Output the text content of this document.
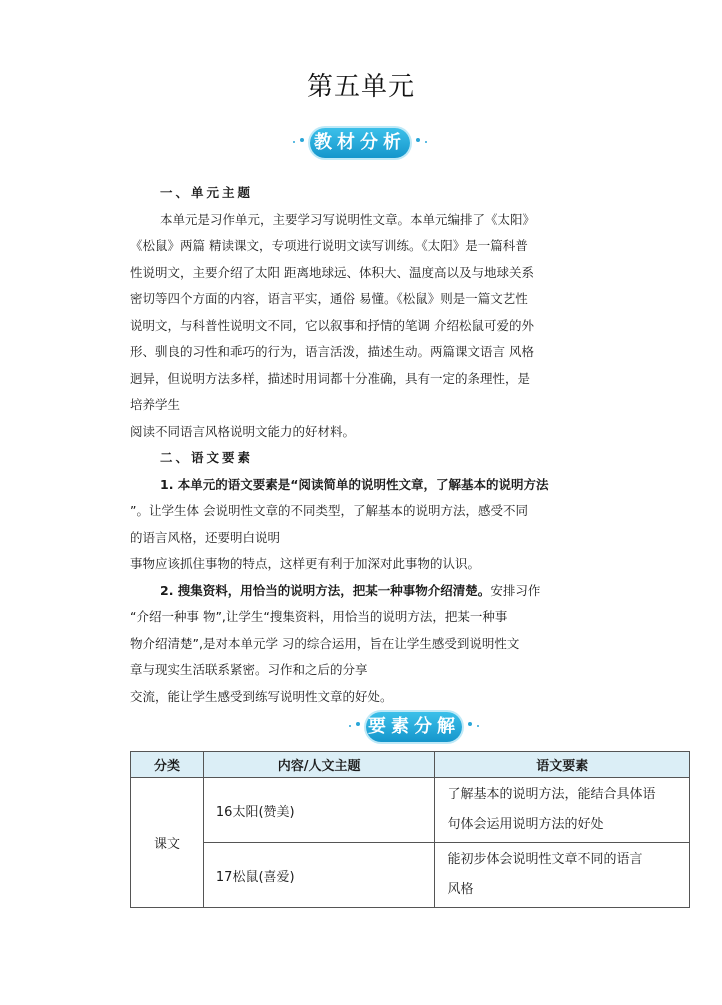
第五单元
教材分析
一、单元主题
本单元是习作单元，主要学习写说明性文章。本单元编排了《太阳》
《松鼠》两篇 精读课文，专项进行说明文读写训练。《太阳》是一篇科普
性说明文，主要介绍了太阳 距离地球远、体积大、温度高以及与地球关系
密切等四个方面的内容，语言平实，通俗 易懂。《松鼠》则是一篇文艺性
说明文，与科普性说明文不同，它以叙事和抒情的笔调 介绍松鼠可爱的外
形、驯良的习性和乖巧的行为，语言活泼，描述生动。两篇课文语言 风格
迥异，但说明方法多样，描述时用词都十分准确，具有一定的条理性，是
培养学生
阅读不同语言风格说明文能力的好材料。
二、语文要素
1. 本单元的语文要素是“阅读简单的说明性文章，了解基本的说明方法
”。让学生体 会说明性文章的不同类型，了解基本的说明方法，感受不同
的语言风格，还要明白说明
事物应该抓住事物的特点，这样更有利于加深对此事物的认识。
2. 搜集资料，用恰当的说明方法，把某一种事物介绍清楚。安排习作
“介绍一种事 物”,让学生“搜集资料，用恰当的说明方法，把某一种事
物介绍清楚”,是对本单元学 习的综合运用，旨在让学生感受到说明性文
章与现实生活联系紧密。习作和之后的分享
交流，能让学生感受到练写说明性文章的好处。
要素分解
分类	内容/人文主题	语文要素
课文	16太阳(赞美)	了解基本的说明方法，能结合具体语
句体会运用说明方法的好处

	17松鼠(喜爱)	能初步体会说明性文章不同的语言
风格
